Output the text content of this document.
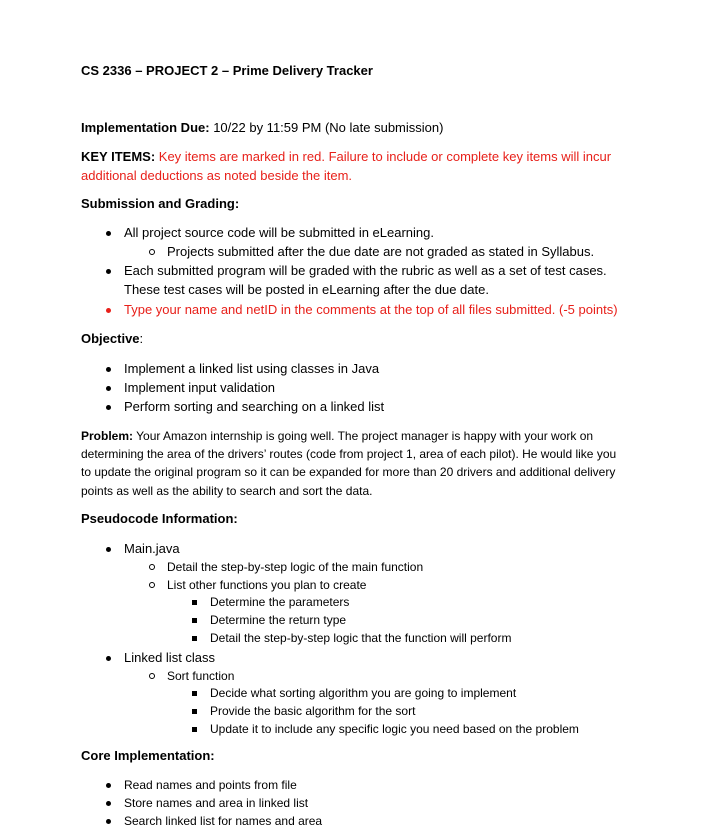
CS 2336 – PROJECT 2 – Prime Delivery Tracker
Implementation Due: 10/22 by 11:59 PM (No late submission)
KEY ITEMS: Key items are marked in red. Failure to include or complete key items will incur
additional deductions as noted beside the item.
Submission and Grading:
All project source code will be submitted in eLearning.
Projects submitted after the due date are not graded as stated in Syllabus.
Each submitted program will be graded with the rubric as well as a set of test cases.
These test cases will be posted in eLearning after the due date.
Type your name and netID in the comments at the top of all files submitted. (-5 points)
Objective:
Implement a linked list using classes in Java
Implement input validation
Perform sorting and searching on a linked list
Problem: Your Amazon internship is going well. The project manager is happy with your work on
determining the area of the drivers’ routes (code from project 1, area of each pilot). He would like you
to update the original program so it can be expanded for more than 20 drivers and additional delivery
points as well as the ability to search and sort the data.
Pseudocode Information:
Main.java
Detail the step-by-step logic of the main function
List other functions you plan to create
Determine the parameters
Determine the return type
Detail the step-by-step logic that the function will perform
Linked list class
Sort function
Decide what sorting algorithm you are going to implement
Provide the basic algorithm for the sort
Update it to include any specific logic you need based on the problem
Core Implementation:
Read names and points from file
Store names and area in linked list
Search linked list for names and area
